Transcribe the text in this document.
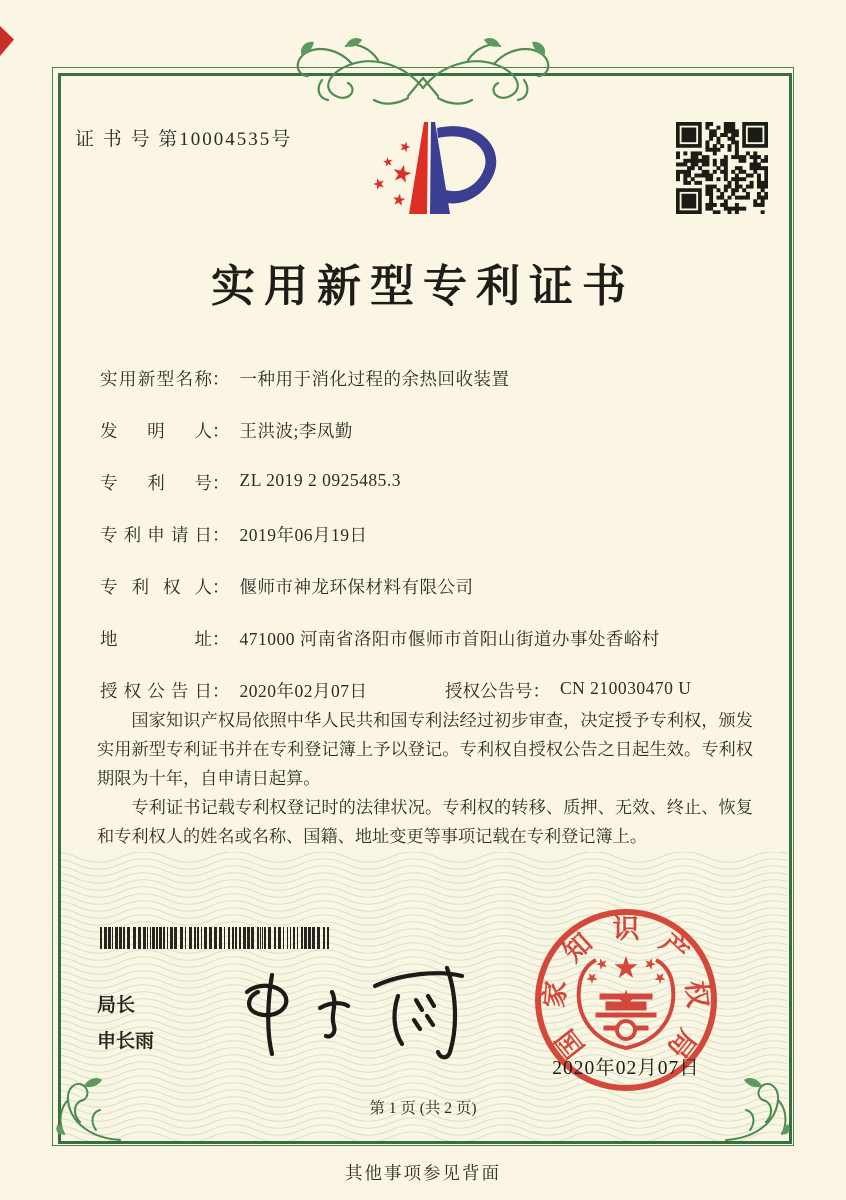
证 书 号 第10004535号
实用新型专利证书
实用新型名称 ： 一种用于消化过程的余热回收装置
发明人 ： 王洪波;李凤勤
专利号 ： ZL 2019 2 0925485.3
专利申请日 ： 2019年06月19日
专利权人 ： 偃师市神龙环保材料有限公司
地址 ： 471000 河南省洛阳市偃师市首阳山街道办事处香峪村
授权公告日 ： 2020年02月07日	授权公告号 ： CN 210030470 U

国家知识产权局依照中华人民共和国专利法经过初步审查，决定授予专利权，颁发实用新型专利证书并在专利登记簿上予以登记。专利权自授权公告之日起生效。专利权期限为十年，自申请日起算。

专利证书记载专利权登记时的法律状况。专利权的转移、质押、无效、终止、恢复和专利权人的姓名或名称、国籍、地址变更等事项记载在专利登记簿上。

局长
申长雨	国
家
知 识 产
权
局
2020年02月07日
第 1 页 (共 2 页)
其他事项参见背面
